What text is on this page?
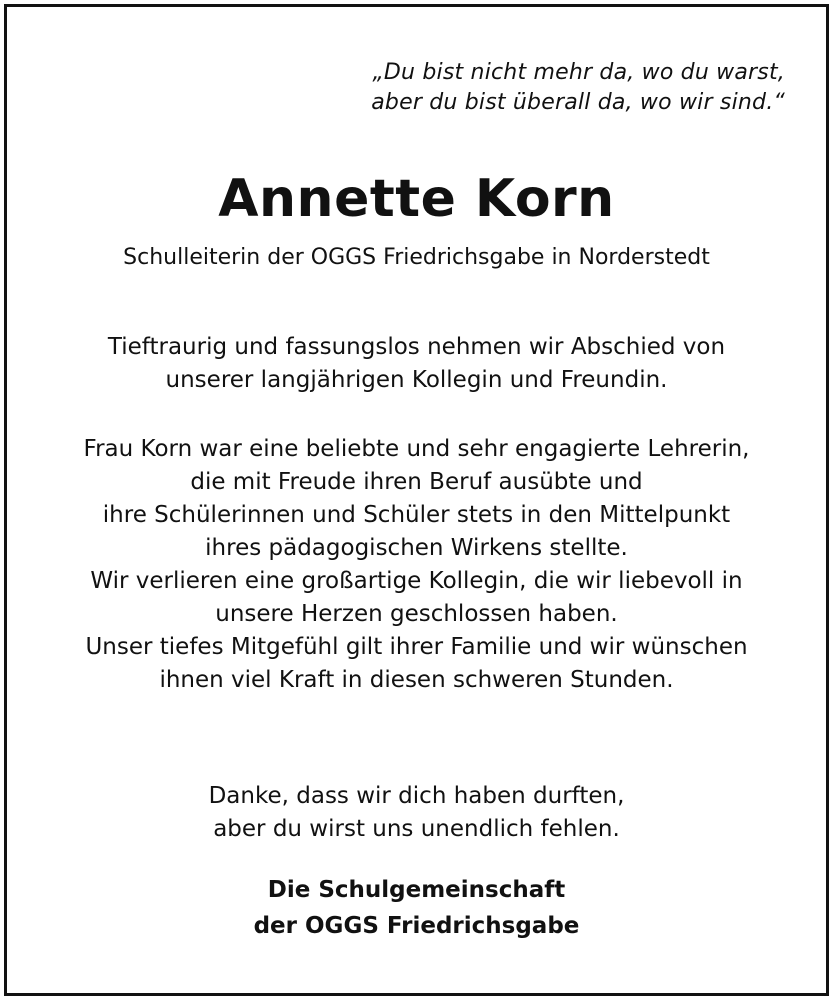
„Du bist nicht mehr da, wo du warst,
aber du bist überall da, wo wir sind.“
Annette Korn
Schulleiterin der OGGS Friedrichsgabe in Norderstedt
Tieftraurig und fassungslos nehmen wir Abschied von
unserer langjährigen Kollegin und Freundin.
Frau Korn war eine beliebte und sehr engagierte Lehrerin,
die mit Freude ihren Beruf ausübte und
ihre Schülerinnen und Schüler stets in den Mittelpunkt
ihres pädagogischen Wirkens stellte.
Wir verlieren eine großartige Kollegin, die wir liebevoll in
unsere Herzen geschlossen haben.
Unser tiefes Mitgefühl gilt ihrer Familie und wir wünschen
ihnen viel Kraft in diesen schweren Stunden.
Danke, dass wir dich haben durften,
aber du wirst uns unendlich fehlen.
Die Schulgemeinschaft
der OGGS Friedrichsgabe
